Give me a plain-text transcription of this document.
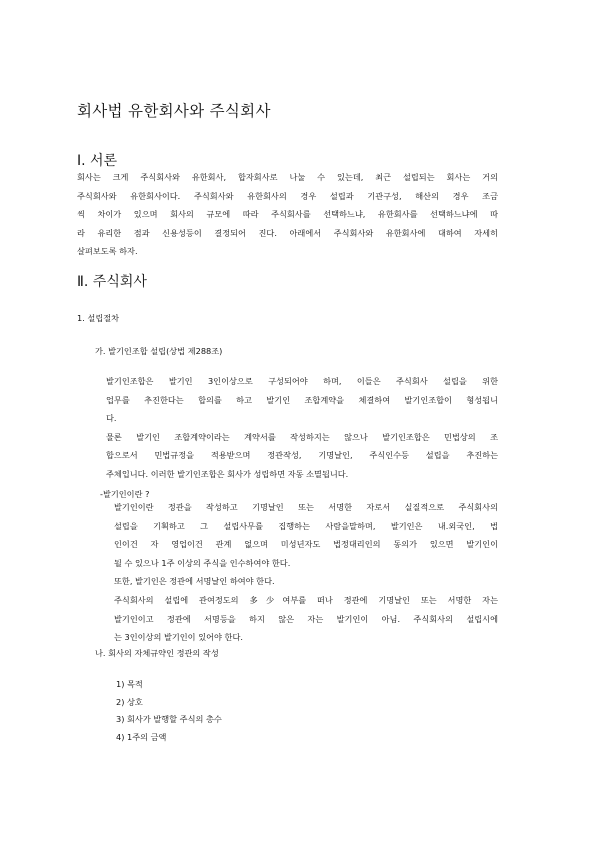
회사법 유한회사와 주식회사
Ⅰ. 서론
회사는 크게 주식회사와 유한회사, 합자회사로 나눌 수 있는데, 최근 설립되는 회사는 거의
주식회사와 유한회사이다. 주식회사와 유한회사의 경우 설립과 기관구성, 해산의 경우 조금
씩 차이가 있으며 회사의 규모에 따라 주식회사를 선택하느냐, 유한회사를 선택하느냐에 따
라 유리한 점과 신용성등이 결정되어 진다. 아래에서 주식회사와 유한회사에 대하여 자세히
살펴보도록 하자.
Ⅱ. 주식회사
1. 설립절차
가. 발기인조합 설립(상법 제288조)
발기인조합은 발기인 3인이상으로 구성되어야 하며, 이들은 주식회사 설립을 위한
업무를 추진한다는 합의를 하고 발기인 조합계약을 체결하여 발기인조합이 형성됩니
다.
물론 발기인 조합계약이라는 계약서를 작성하지는 않으나 발기인조합은 민법상의 조
합으로서 민법규정을 적용받으며 정관작성, 기명날인, 주식인수등 설립을 추진하는
주체입니다. 이러한 발기인조합은 회사가 성립하면 자동 소멸됩니다.
-발기인이란 ?
발기인이란 정관을 작성하고 기명날인 또는 서명한 자로서 실질적으로 주식회사의
설립을 기획하고 그 설립사무를 집행하는 사람을말하며, 발기인은 내.외국인, 법
인이건 자 영업이건 관계 없으며 미성년자도 법정대리인의 동의가 있으면 발기인이
될 수 있으나 1주 이상의 주식을 인수하여야 한다.
또한, 발기인은 정관에 서명날인 하여야 한다.
주식회사의 설립에 관여정도의 多少여부를 떠나 정관에 기명날인 또는 서명한 자는
발기인이고 정관에 서명등을 하지 않은 자는 발기인이 아님. 주식회사의 설립시에
는 3인이상의 발기인이 있어야 한다.
나. 회사의 자체규약인 정관의 작성
1) 목적
2) 상호
3) 회사가 발행할 주식의 총수
4) 1주의 금액
